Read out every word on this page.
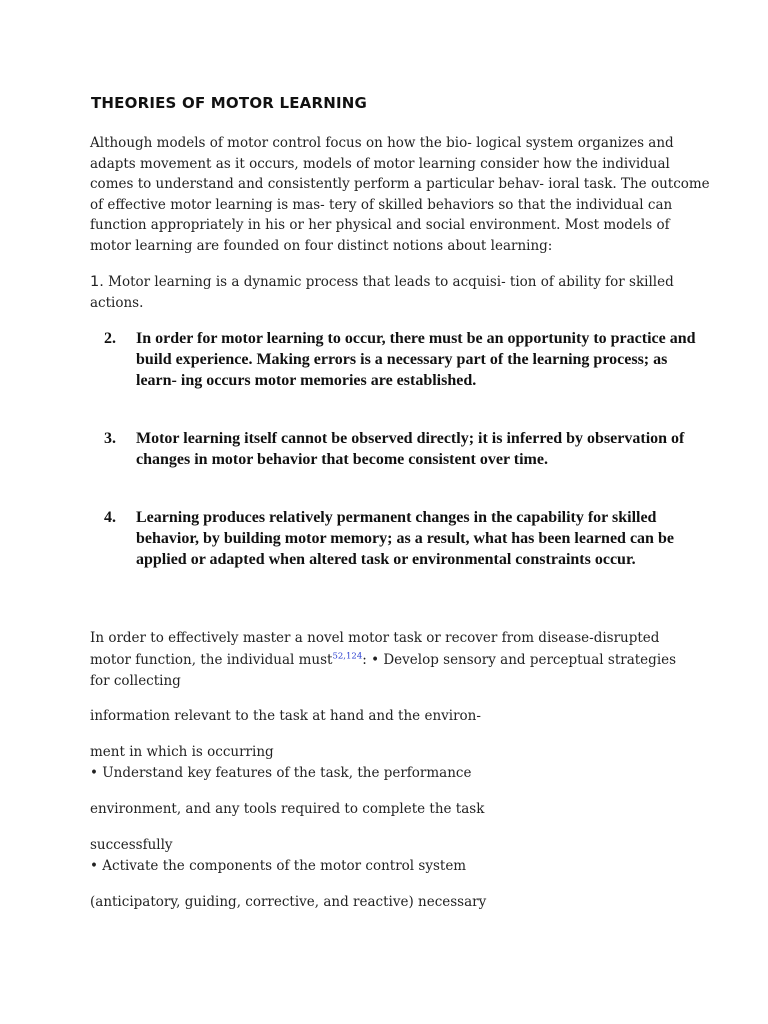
THEORIES OF MOTOR LEARNING
Although models of motor control focus on how the bio- logical system organizes and adapts movement as it occurs, models of motor learning consider how the individual comes to understand and consistently perform a particular behav- ioral task. The outcome of effective motor learning is mas- tery of skilled behaviors so that the individual can function appropriately in his or her physical and social environment. Most models of motor learning are founded on four distinct notions about learning:
1. Motor learning is a dynamic process that leads to acquisi- tion of ability for skilled actions.
2. In order for motor learning to occur, there must be an opportunity to practice and build experience. Making errors is a necessary part of the learning process; as learn- ing occurs motor memories are established.
3. Motor learning itself cannot be observed directly; it is inferred by observation of changes in motor behavior that become consistent over time.
4. Learning produces relatively permanent changes in the capability for skilled behavior, by building motor memory; as a result, what has been learned can be applied or adapted when altered task or environmental constraints occur.
In order to effectively master a novel motor task or recover from disease-disrupted
motor function, the individual must$^{52,124}$: • Develop sensory and perceptual strategies
for collecting
information relevant to the task at hand and the environ-
ment in which is occurring
• Understand key features of the task, the performance
environment, and any tools required to complete the task
successfully
• Activate the components of the motor control system
(anticipatory, guiding, corrective, and reactive) necessary
